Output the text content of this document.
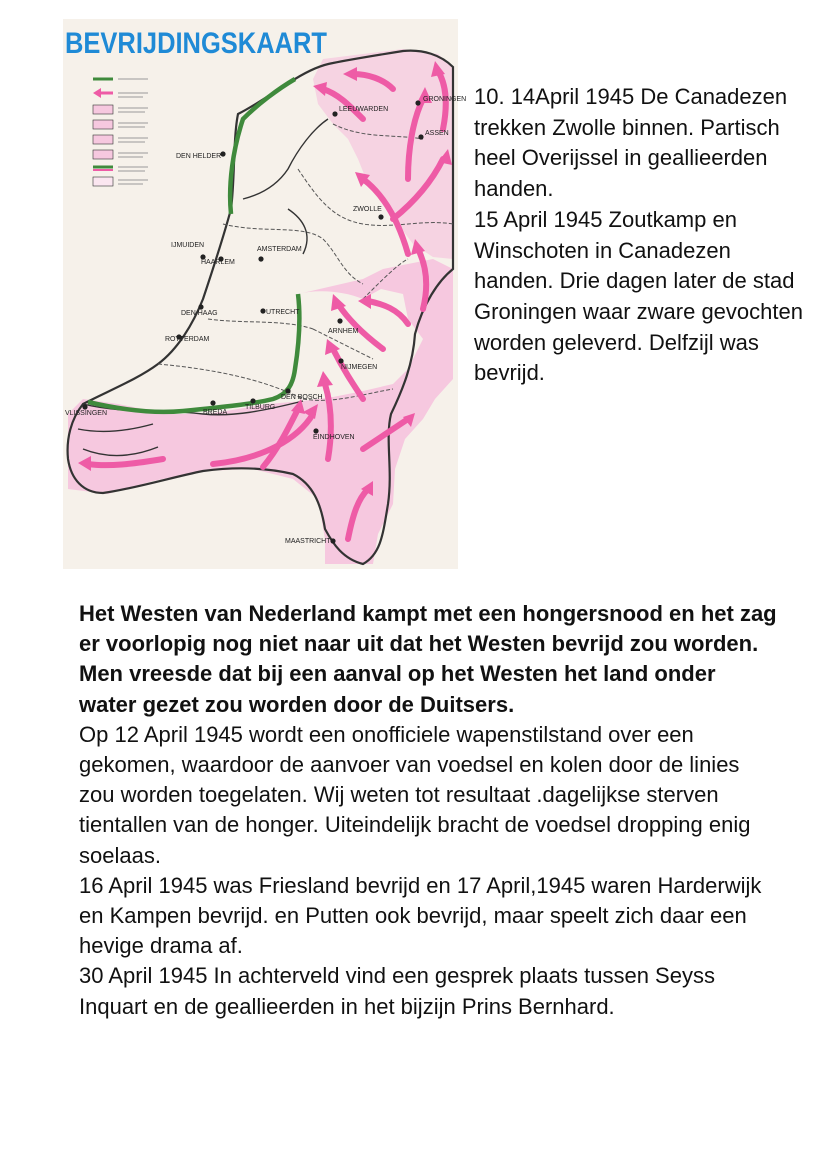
BEVRIJDINGSKAART
GRONINGEN
LEEUWARDEN
ASSEN
DEN HELDER
ZWOLLE
IJMUIDEN
HAARLEM
AMSTERDAM
DEN HAAG	UTRECHT
ARNHEM
ROTTERDAM
NIJMEGEN
VLISSINGEN	BREDA
TILBURG
DEN BOSCH
EINDHOVEN
MAASTRICHT

10. 14April 1945 De Canadezen trekken Zwolle binnen. Partisch heel Overijssel in geallieerden handen.

15 April 1945 Zoutkamp en Winschoten in Canadezen handen. Drie dagen later de stad Groningen waar zware gevochten worden geleverd. Delfzijl was bevrijd.

Het Westen van Nederland kampt met een hongersnood en het zag er voorlopig nog niet naar uit dat het Westen bevrijd zou worden. Men vreesde dat bij een aanval op het Westen het land onder water gezet zou worden door de Duitsers.

Op 12 April 1945 wordt een onofficiele wapenstilstand over een gekomen, waardoor de aanvoer van voedsel en kolen door de linies zou worden toegelaten. Wij weten tot resultaat .dagelijkse sterven tientallen van de honger. Uiteindelijk bracht de voedsel dropping enig soelaas.

16 April 1945 was Friesland bevrijd en 17 April,1945 waren Harderwijk en Kampen bevrijd. en Putten ook bevrijd, maar speelt zich daar een hevige drama af.

30 April 1945 In achterveld vind een gesprek plaats tussen Seyss Inquart en de geallieerden in het bijzijn Prins Bernhard.
